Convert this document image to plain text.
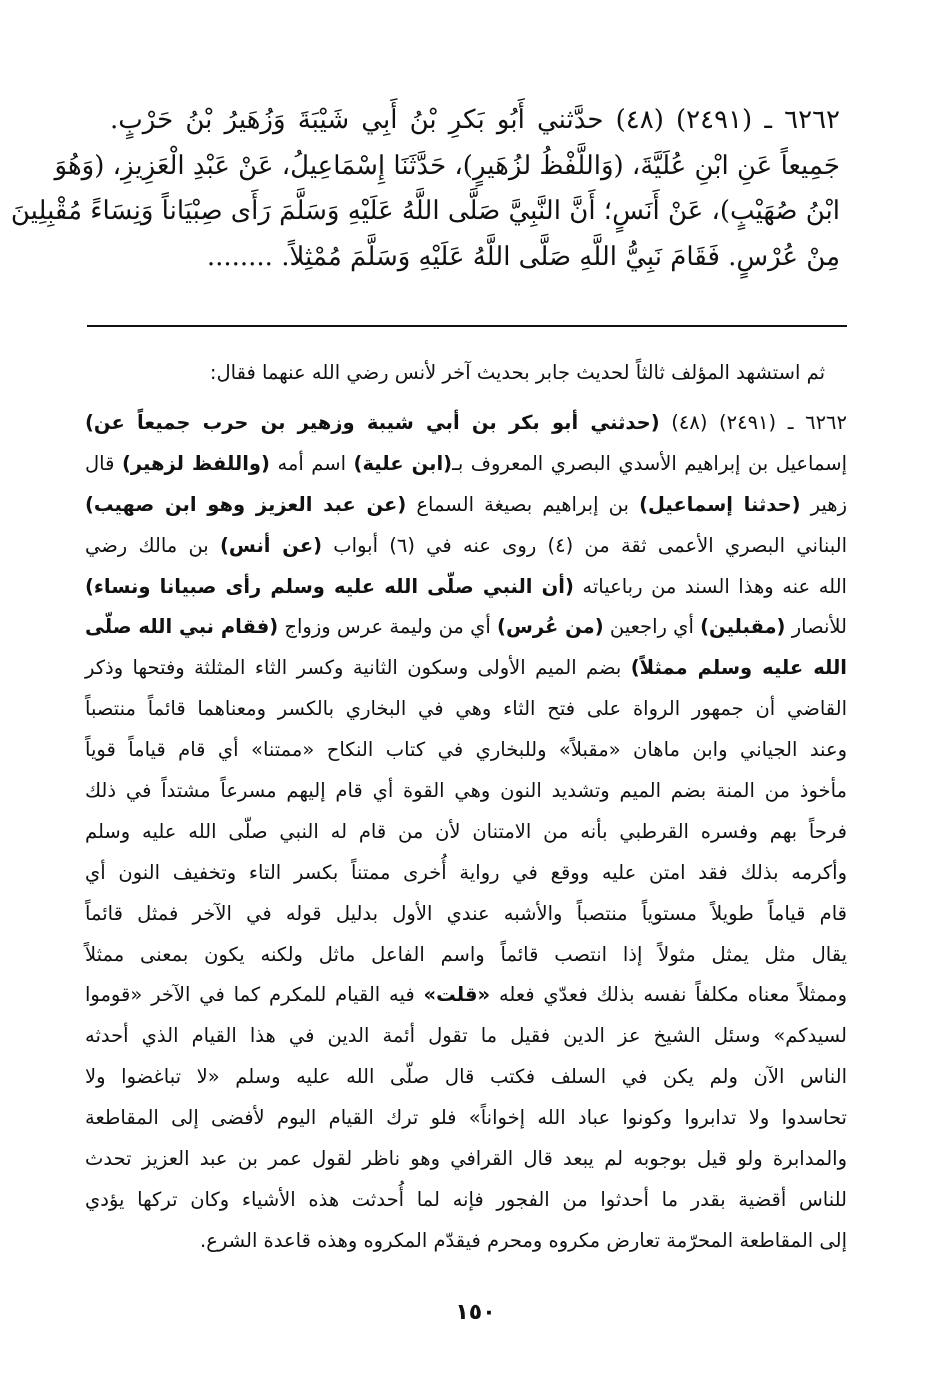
٦٢٦٢ ـ (٢٤٩١) (٤٨) حدَّثني أَبُو بَكرِ بْنُ أَبِي شَيْبَةَ وَزُهَيرُ بْنُ حَرْبٍ.
جَمِيعاً عَنِ ابْنِ عُلَيَّةَ، (وَاللَّفْظُ لزُهَيرٍ)، حَدَّثَنَا إِسْمَاعِيلُ، عَنْ عَبْدِ الْعَزِيزِ، (وَهُوَ
ابْنُ صُهَيْبٍ)، عَنْ أَنَسٍ؛ أَنَّ النَّبِيَّ صَلَّى اللَّهُ عَلَيْهِ وَسَلَّمَ رَأَى صِبْيَاناً وَنِسَاءً مُقْبِلِينَ
مِنْ عُرْسٍ. فَقَامَ نَبِيُّ اللَّهِ صَلَّى اللَّهُ عَلَيْهِ وَسَلَّمَ مُمْثِلاً. ........
ثم استشهد المؤلف ثالثاً لحديث جابر بحديث آخر لأنس رضي الله عنهما فقال:
٦٢٦٢ ـ (٢٤٩١) (٤٨) (حدثني أبو بكر بن أبي شيبة وزهير بن حرب جميعاً عن)
إسماعيل بن إبراهيم الأسدي البصري المعروف بـ(ابن علية) اسم أمه (واللفظ لزهير) قال
زهير (حدثنا إسماعيل) بن إبراهيم بصيغة السماع (عن عبد العزيز وهو ابن صهيب)
البناني البصري الأعمى ثقة من (٤) روى عنه في (٦) أبواب (عن أنس) بن مالك رضي
الله عنه وهذا السند من رباعياته (أن النبي صلّى الله عليه وسلم رأى صبيانا ونساء)
للأنصار (مقبلين) أي راجعين (من عُرس) أي من وليمة عرس وزواج (فقام نبي الله صلّى
الله عليه وسلم ممثلاً) بضم الميم الأولى وسكون الثانية وكسر الثاء المثلثة وفتحها وذكر
القاضي أن جمهور الرواة على فتح الثاء وهي في البخاري بالكسر ومعناهما قائماً منتصباً
وعند الجياني وابن ماهان «مقبلاً» وللبخاري في كتاب النكاح «ممتنا» أي قام قياماً قوياً
مأخوذ من المنة بضم الميم وتشديد النون وهي القوة أي قام إليهم مسرعاً مشتداً في ذلك
فرحاً بهم وفسره القرطبي بأنه من الامتنان لأن من قام له النبي صلّى الله عليه وسلم
وأكرمه بذلك فقد امتن عليه ووقع في رواية أُخرى ممتناً بكسر التاء وتخفيف النون أي
قام قياماً طويلاً مستوياً منتصباً والأشبه عندي الأول بدليل قوله في الآخر فمثل قائماً
يقال مثل يمثل مثولاً إذا انتصب قائماً واسم الفاعل ماثل ولكنه يكون بمعنى ممثلاً
وممثلاً معناه مكلفاً نفسه بذلك فعدّي فعله «قلت» فيه القيام للمكرم كما في الآخر «قوموا
لسيدكم» وسئل الشيخ عز الدين فقيل ما تقول أئمة الدين في هذا القيام الذي أحدثه
الناس الآن ولم يكن في السلف فكتب قال صلّى الله عليه وسلم «لا تباغضوا ولا
تحاسدوا ولا تدابروا وكونوا عباد الله إخواناً» فلو ترك القيام اليوم لأفضى إلى المقاطعة
والمدابرة ولو قيل بوجوبه لم يبعد قال القرافي وهو ناظر لقول عمر بن عبد العزيز تحدث
للناس أقضية بقدر ما أحدثوا من الفجور فإنه لما أُحدثت هذه الأشياء وكان تركها يؤدي
إلى المقاطعة المحرّمة تعارض مكروه ومحرم فيقدّم المكروه وهذه قاعدة الشرع.
١٥٠
